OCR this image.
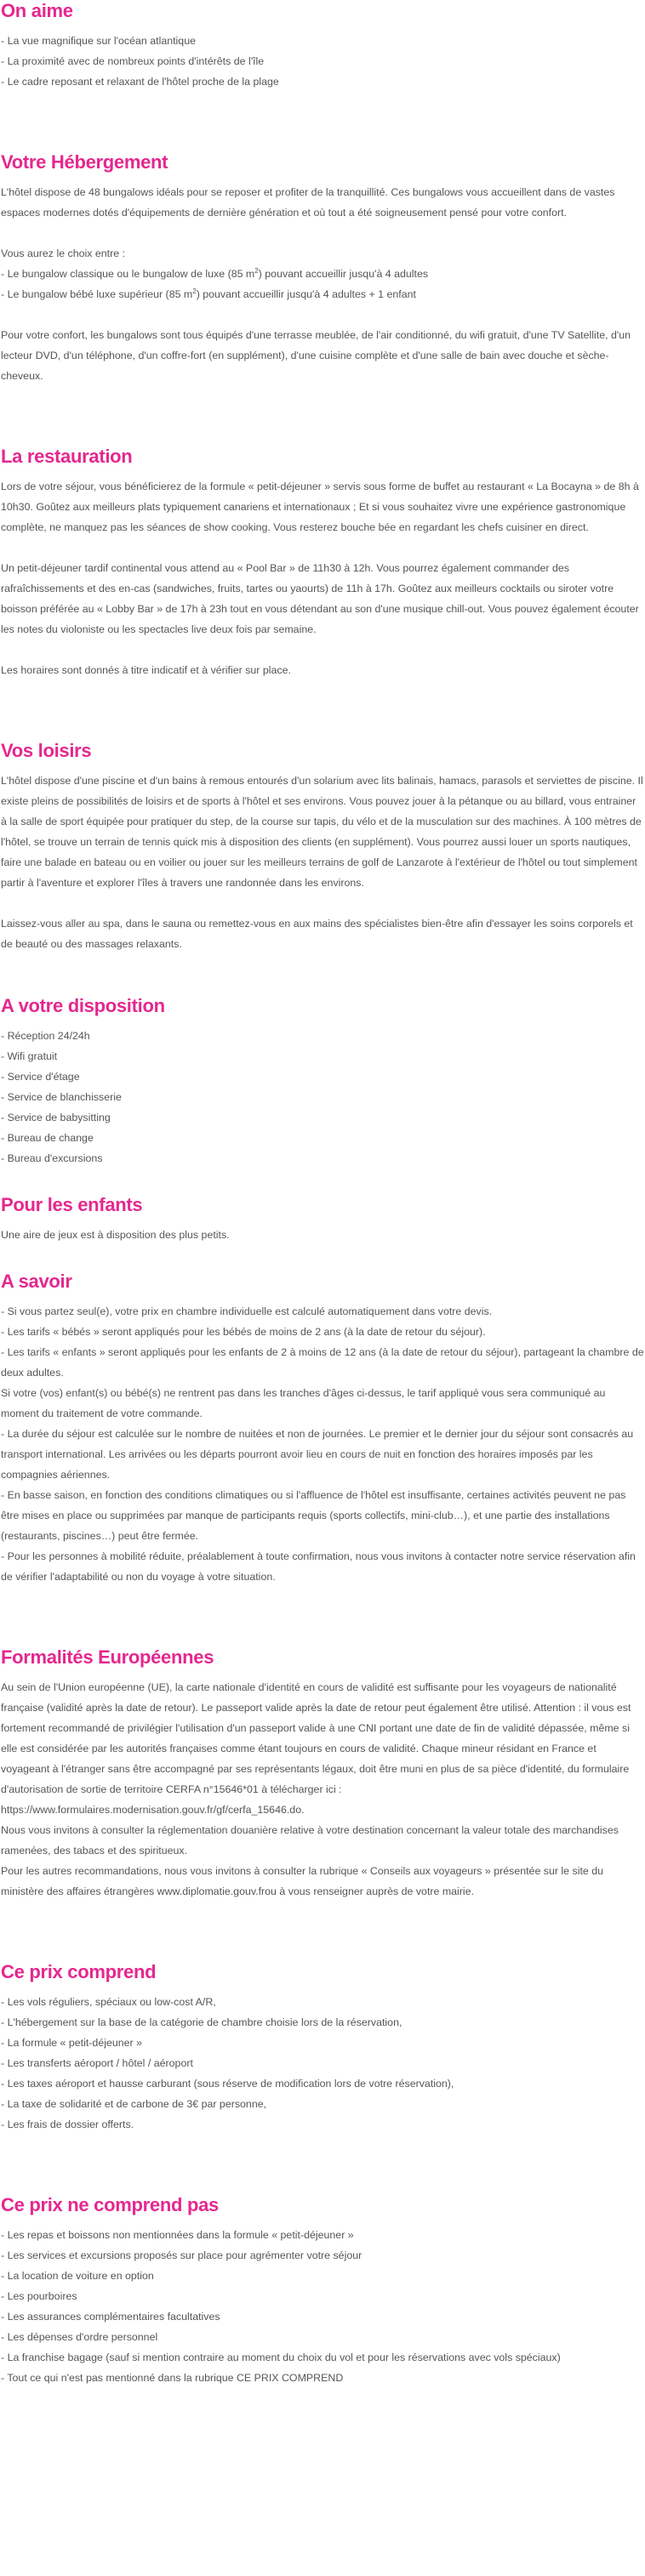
On aime

- La vue magnifique sur l'océan atlantique

- La proximité avec de nombreux points d'intérêts de l'île

- Le cadre reposant et relaxant de l'hôtel proche de la plage

Votre Hébergement

L'hôtel dispose de 48 bungalows idéals pour se reposer et profiter de la tranquillité. Ces bungalows vous accueillent dans de vastes espaces modernes dotés d'équipements de dernière génération et où tout a été soigneusement pensé pour votre confort.

Vous aurez le choix entre :

- Le bungalow classique ou le bungalow de luxe (85 $m^2$) pouvant accueillir jusqu'à 4 adultes

- Le bungalow bébé luxe supérieur (85 $m^2$) pouvant accueillir jusqu'à 4 adultes + 1 enfant

Pour votre confort, les bungalows sont tous équipés d'une terrasse meublée, de l'air conditionné, du wifi gratuit, d'une TV Satellite, d'un lecteur DVD, d'un téléphone, d'un coffre-fort (en supplément), d'une cuisine complète et d'une salle de bain avec douche et sèche-cheveux.

La restauration

Lors de votre séjour, vous bénéficierez de la formule « petit-déjeuner » servis sous forme de buffet au restaurant « La Bocayna » de 8h à 10h30. Goûtez aux meilleurs plats typiquement canariens et internationaux ; Et si vous souhaitez vivre une expérience gastronomique complète, ne manquez pas les séances de show cooking. Vous resterez bouche bée en regardant les chefs cuisiner en direct.

Un petit-déjeuner tardif continental vous attend au « Pool Bar » de 11h30 à 12h. Vous pourrez également commander des rafraîchissements et des en-cas (sandwiches, fruits, tartes ou yaourts) de 11h à 17h. Goûtez aux meilleurs cocktails ou siroter votre boisson préférée au « Lobby Bar » de 17h à 23h tout en vous détendant au son d'une musique chill-out. Vous pouvez également écouter les notes du violoniste ou les spectacles live deux fois par semaine.

Les horaires sont donnés à titre indicatif et à vérifier sur place.

Vos loisirs

L'hôtel dispose d'une piscine et d'un bains à remous entourés d'un solarium avec lits balinais, hamacs, parasols et serviettes de piscine. Il existe pleins de possibilités de loisirs et de sports à l'hôtel et ses environs. Vous pouvez jouer à la pétanque ou au billard, vous entrainer à la salle de sport équipée pour pratiquer du step, de la course sur tapis, du vélo et de la musculation sur des machines. À 100 mètres de l'hôtel, se trouve un terrain de tennis quick mis à disposition des clients (en supplément). Vous pourrez aussi louer un sports nautiques, faire une balade en bateau ou en voilier ou jouer sur les meilleurs terrains de golf de Lanzarote à l'extérieur de l'hôtel ou tout simplement partir à l'aventure et explorer l'îles à travers une randonnée dans les environs.

Laissez-vous aller au spa, dans le sauna ou remettez-vous en aux mains des spécialistes bien-être afin d'essayer les soins corporels et de beauté ou des massages relaxants.

A votre disposition

- Réception 24/24h

- Wifi gratuit

- Service d'étage

- Service de blanchisserie

- Service de babysitting

- Bureau de change

- Bureau d'excursions

Pour les enfants

Une aire de jeux est à disposition des plus petits.

A savoir

- Si vous partez seul(e), votre prix en chambre individuelle est calculé automatiquement dans votre devis.

- Les tarifs « bébés » seront appliqués pour les bébés de moins de 2 ans (à la date de retour du séjour).

- Les tarifs « enfants » seront appliqués pour les enfants de 2 à moins de 12 ans (à la date de retour du séjour), partageant la chambre de deux adultes.

Si votre (vos) enfant(s) ou bébé(s) ne rentrent pas dans les tranches d'âges ci-dessus, le tarif appliqué vous sera communiqué au moment du traitement de votre commande.

- La durée du séjour est calculée sur le nombre de nuitées et non de journées. Le premier et le dernier jour du séjour sont consacrés au transport international. Les arrivées ou les départs pourront avoir lieu en cours de nuit en fonction des horaires imposés par les compagnies aériennes.

- En basse saison, en fonction des conditions climatiques ou si l'affluence de l'hôtel est insuffisante, certaines activités peuvent ne pas être mises en place ou supprimées par manque de participants requis (sports collectifs, mini-club…), et une partie des installations (restaurants, piscines…) peut être fermée.

- Pour les personnes à mobilité réduite, préalablement à toute confirmation, nous vous invitons à contacter notre service réservation afin de vérifier l'adaptabilité ou non du voyage à votre situation.

Formalités Européennes

Au sein de l'Union européenne (UE), la carte nationale d'identité en cours de validité est suffisante pour les voyageurs de nationalité française (validité après la date de retour). Le passeport valide après la date de retour peut également être utilisé. Attention : il vous est fortement recommandé de privilégier l'utilisation d'un passeport valide à une CNI portant une date de fin de validité dépassée, même si elle est considérée par les autorités françaises comme étant toujours en cours de validité. Chaque mineur résidant en France et voyageant à l'étranger sans être accompagné par ses représentants légaux, doit être muni en plus de sa pièce d'identité, du formulaire d'autorisation de sortie de territoire CERFA n°15646*01 à télécharger ici :

https://www.formulaires.modernisation.gouv.fr/gf/cerfa_15646.do.

Nous vous invitons à consulter la réglementation douanière relative à votre destination concernant la valeur totale des marchandises ramenées, des tabacs et des spiritueux.

Pour les autres recommandations, nous vous invitons à consulter la rubrique « Conseils aux voyageurs » présentée sur le site du ministère des affaires étrangères www.diplomatie.gouv.frou à vous renseigner auprès de votre mairie.

Ce prix comprend

- Les vols réguliers, spéciaux ou low-cost A/R,

- L'hébergement sur la base de la catégorie de chambre choisie lors de la réservation,

- La formule « petit-déjeuner »

- Les transferts aéroport / hôtel / aéroport

- Les taxes aéroport et hausse carburant (sous réserve de modification lors de votre réservation),

- La taxe de solidarité et de carbone de 3€ par personne,

- Les frais de dossier offerts.

Ce prix ne comprend pas

- Les repas et boissons non mentionnées dans la formule « petit-déjeuner »

- Les services et excursions proposés sur place pour agrémenter votre séjour

- La location de voiture en option

- Les pourboires

- Les assurances complémentaires facultatives

- Les dépenses d'ordre personnel

- La franchise bagage (sauf si mention contraire au moment du choix du vol et pour les réservations avec vols spéciaux)

- Tout ce qui n'est pas mentionné dans la rubrique CE PRIX COMPREND
